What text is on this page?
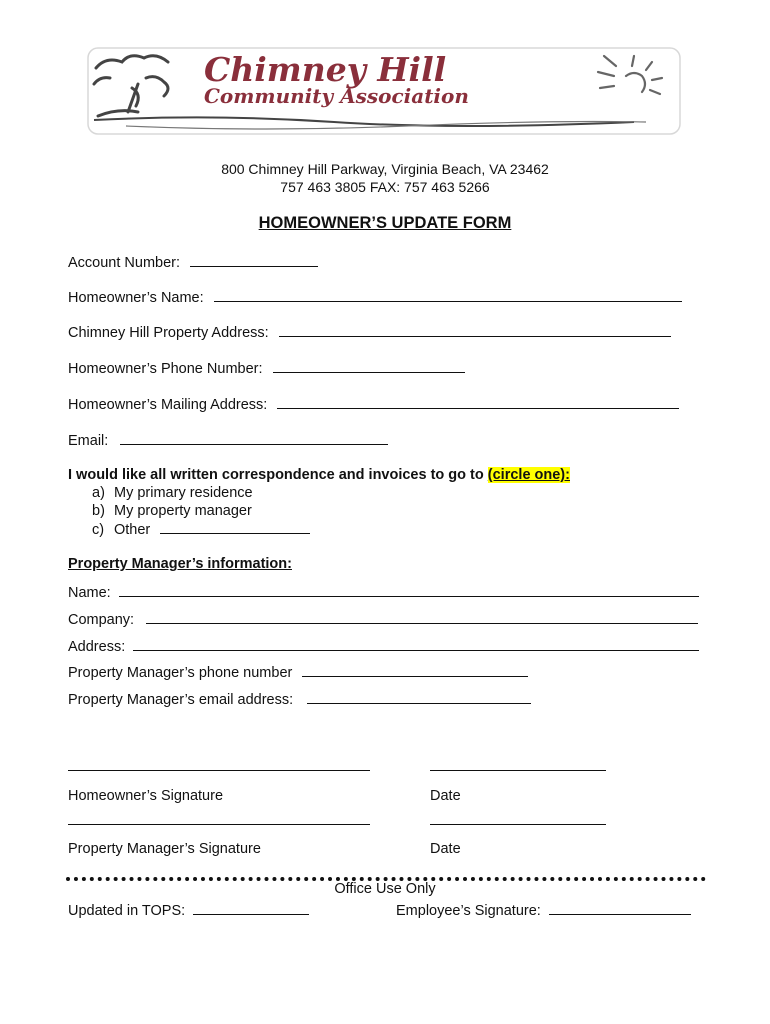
Chimney Hill
Community Association
800 Chimney Hill Parkway, Virginia Beach, VA 23462
757 463 3805 FAX: 757 463 5266
HOMEOWNER’S UPDATE FORM
Account Number:
Homeowner’s Name:
Chimney Hill Property Address:
Homeowner’s Phone Number:
Homeowner’s Mailing Address:
Email:
I would like all written correspondence and invoices to go to (circle one):
a) My primary residence
b) My property manager
c) Other
Property Manager’s information:
Name:
Company:
Address:
Property Manager’s phone number
Property Manager’s email address:
Homeowner’s Signature	Date
Property Manager’s Signature	Date
Office Use Only
Updated in TOPS:	Employee’s Signature:
